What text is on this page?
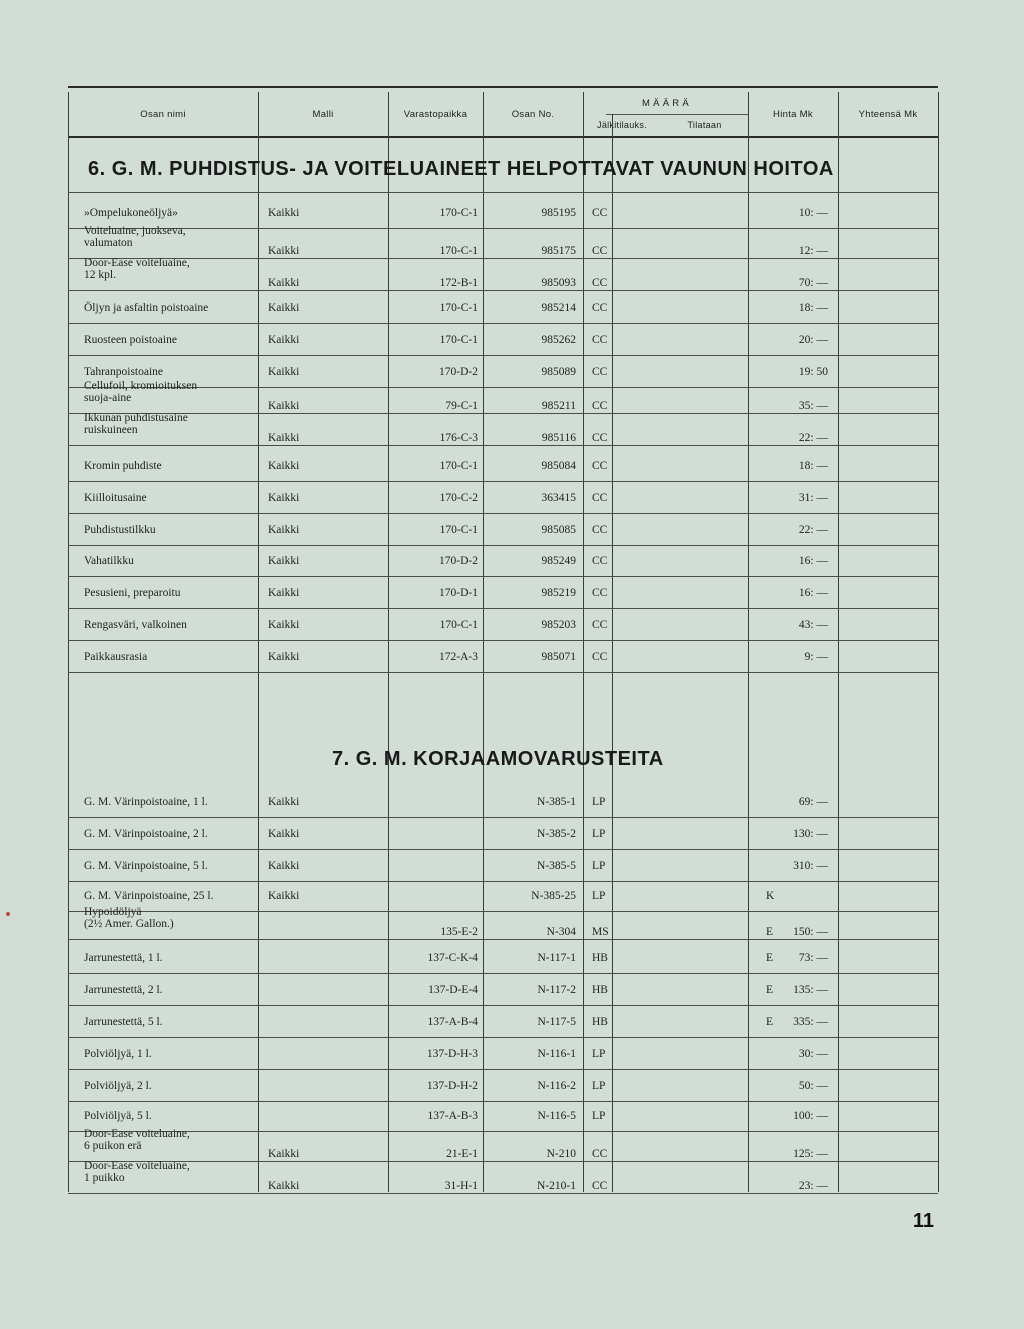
Osan nimi	Malli	Varastopaikka	Osan No.
M Ä Ä R Ä
Jälkitilauks.	Tilataan
Hinta Mk	Yhteensä Mk
6. G. M. PUHDISTUS- JA VOITELUAINEET HELPOTTAVAT VAUNUN HOITOA
»Ompelukoneöljyä»	Kaikki	170-C-1	985195 CC	10: —
Voiteluaine, juokseva,
valumaton
Kaikki	170-C-1	985175 CC	12: —
Door-Ease voiteluaine,
12 kpl.
Kaikki	172-B-1	985093 CC	70: —
Öljyn ja asfaltin poistoaine	Kaikki	170-C-1	985214 CC	18: —
Ruosteen poistoaine	Kaikki	170-C-1	985262 CC	20: —
Tahranpoistoaine	Kaikki	170-D-2	985089 CC	19: 50
Cellufoil, kromioituksen
suoja-aine
Kaikki	79-C-1	985211 CC	35: —
Ikkunan puhdistusaine
ruiskuineen
Kaikki	176-C-3	985116 CC	22: —
Kromin puhdiste	Kaikki	170-C-1	985084 CC	18: —
Kiilloitusaine	Kaikki	170-C-2	363415 CC	31: —
Puhdistustilkku	Kaikki	170-C-1	985085 CC	22: —
Vahatilkku	Kaikki	170-D-2	985249 CC	16: —
Pesusieni, preparoitu	Kaikki	170-D-1	985219 CC	16: —
Rengasväri, valkoinen	Kaikki	170-C-1	985203 CC	43: —
Paikkausrasia	Kaikki	172-A-3	985071 CC	9: —
7. G. M. KORJAAMOVARUSTEITA
G. M. Värinpoistoaine, 1 l.	Kaikki	N-385-1 LP	69: —
G. M. Värinpoistoaine, 2 l.	Kaikki	N-385-2 LP	130: —
G. M. Värinpoistoaine, 5 l.	Kaikki	N-385-5 LP	310: —
G. M. Värinpoistoaine, 25 l.	Kaikki	N-385-25 LP	K
Hypoidöljyä
(2½ Amer. Gallon.)
135-E-2	N-304 MS	E	150: —
Jarrunestettä, 1 l.	137-C-K-4	N-117-1 HB	E	73: —
Jarrunestettä, 2 l.	137-D-E-4	N-117-2 HB	E	135: —
Jarrunestettä, 5 l.	137-A-B-4	N-117-5 HB	E	335: —
Polviöljyä, 1 l.	137-D-H-3	N-116-1 LP	30: —
Polviöljyä, 2 l.	137-D-H-2	N-116-2 LP	50: —
Polviöljyä, 5 l.	137-A-B-3	N-116-5 LP	100: —
Door-Ease voiteluaine,
6 puikon erä
Kaikki	21-E-1	N-210 CC	125: —
Door-Ease voiteluaine,
1 puikko
Kaikki	31-H-1	N-210-1 CC	23: —
11
